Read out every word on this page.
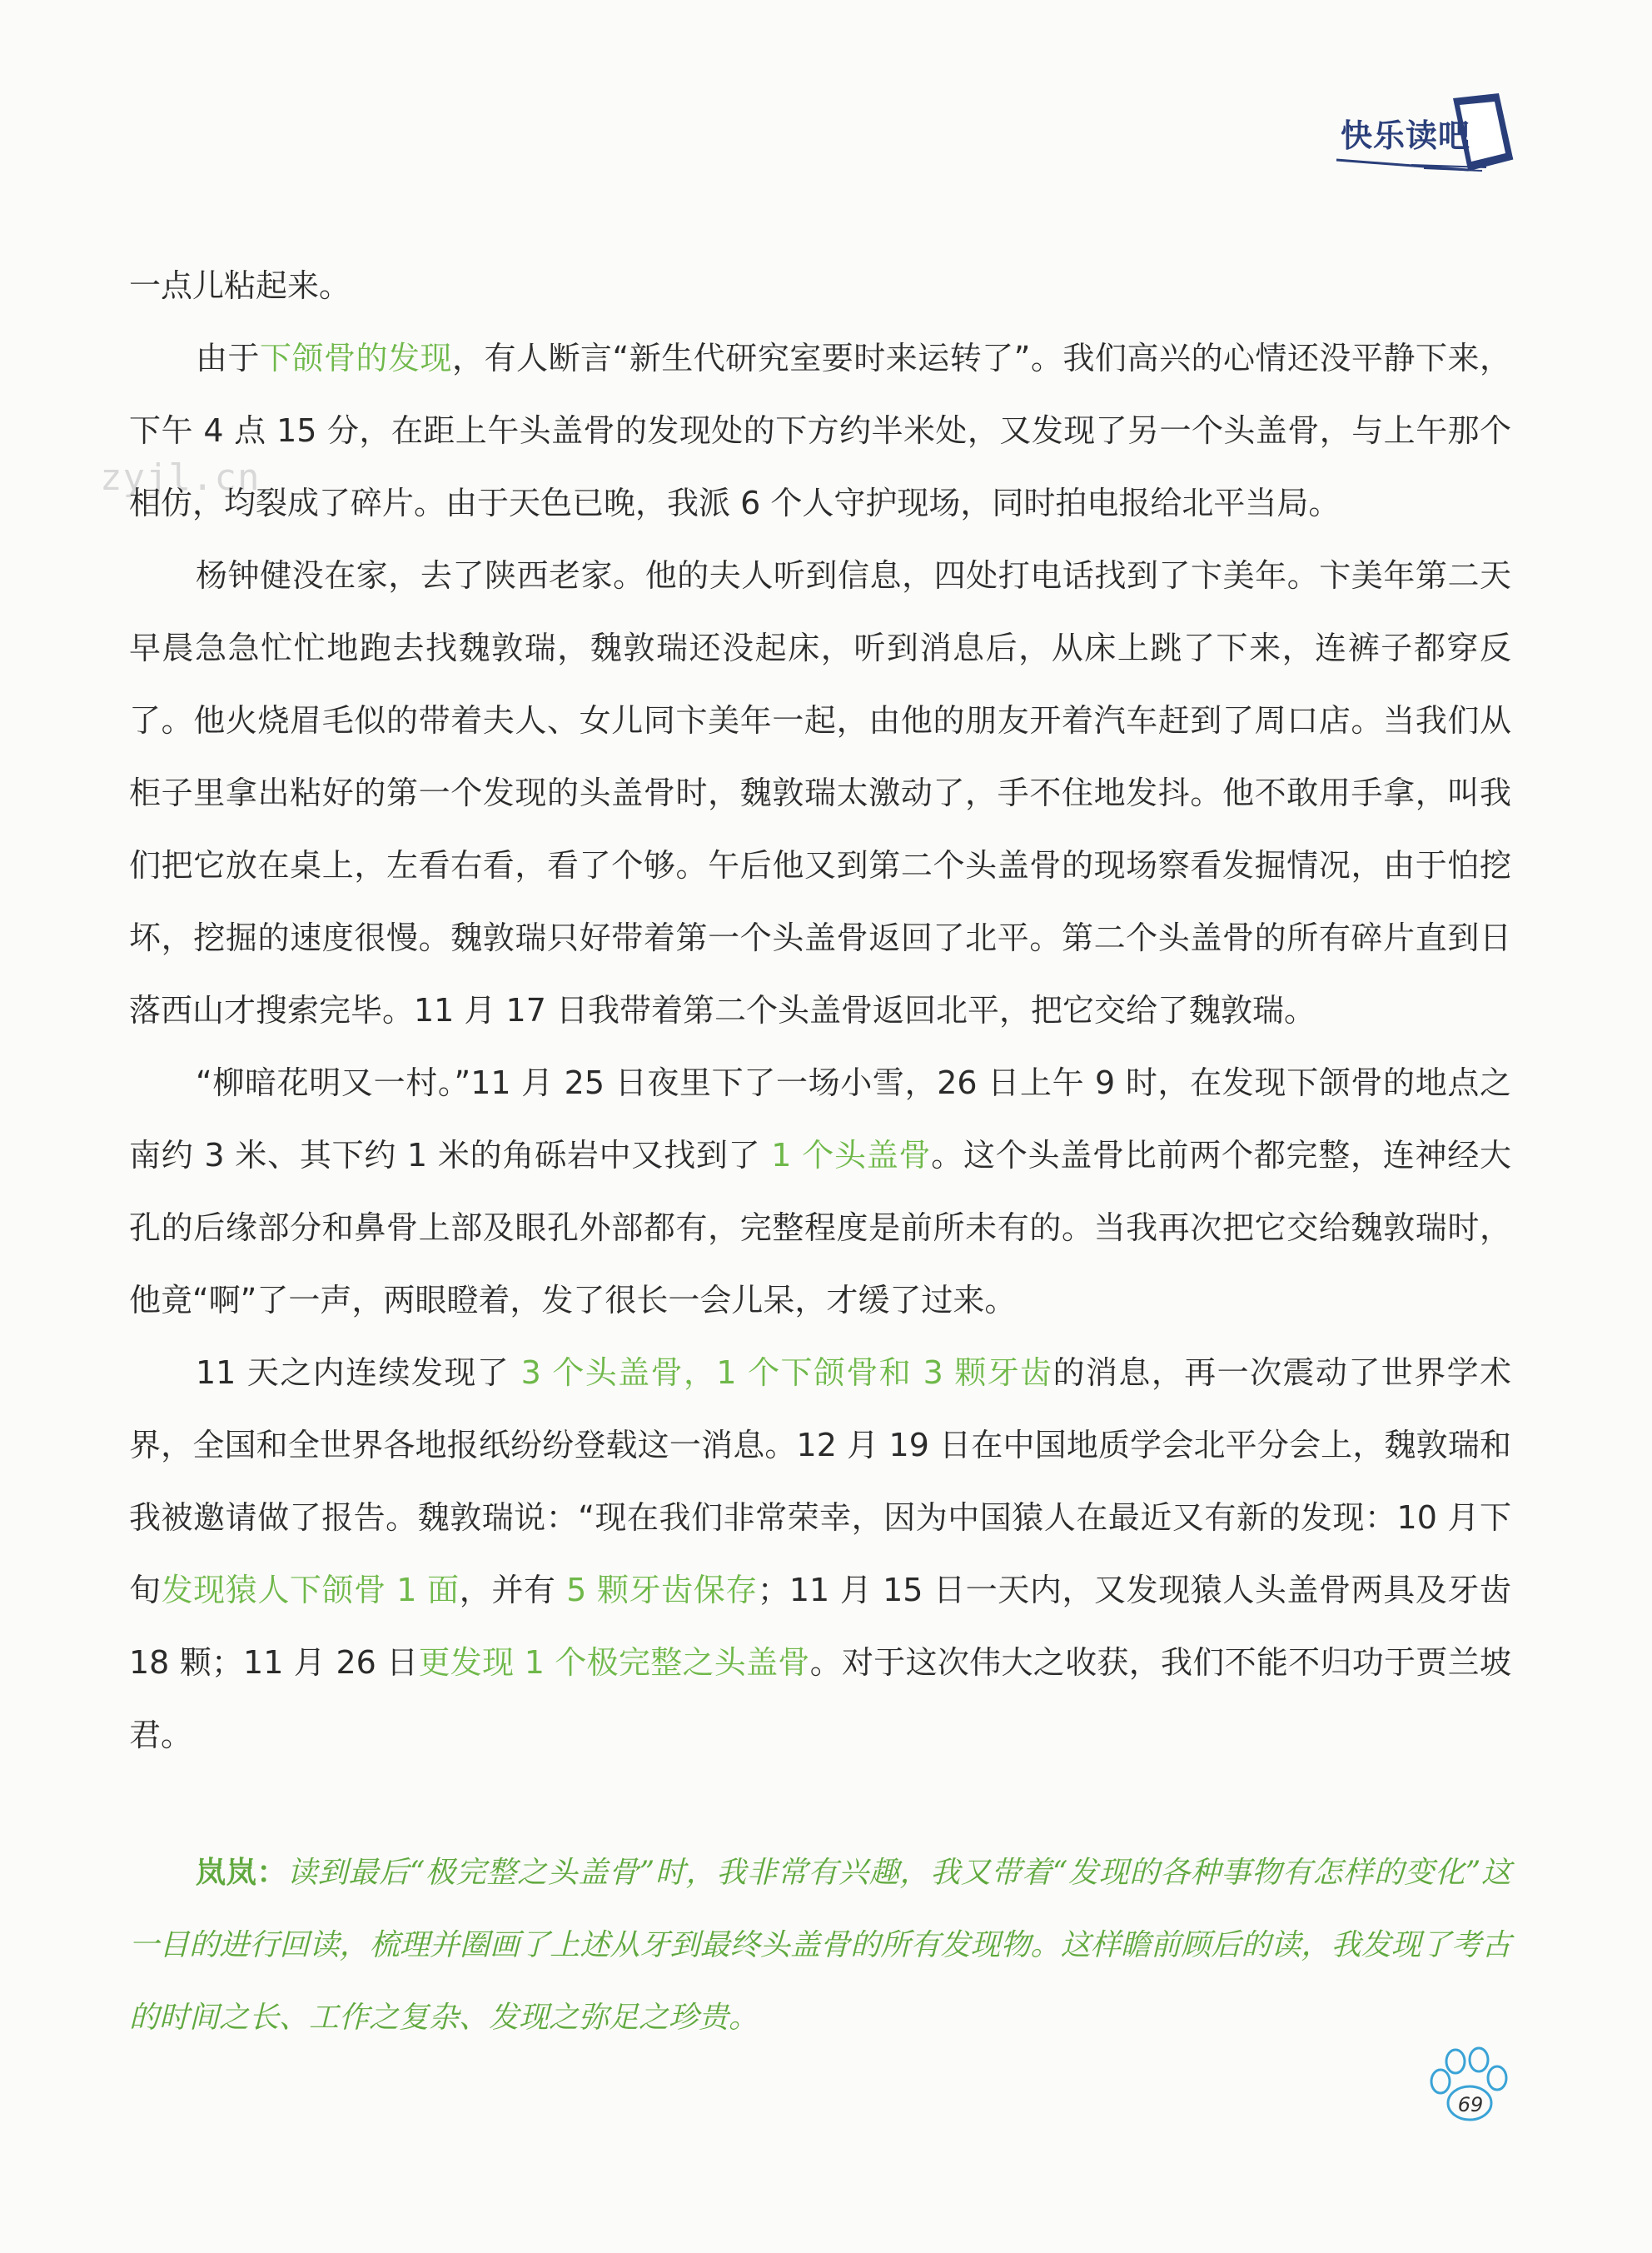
快乐读吧
zyjl.cn

一点儿粘起来。

由于下颌骨的发现，有人断言“新生代研究室要时来运转了”。我们高兴的心情还没平静下来，下午 4 点 15 分，在距上午头盖骨的发现处的下方约半米处，又发现了另一个头盖骨，与上午那个相仿，均裂成了碎片。由于天色已晚，我派 6 个人守护现场，同时拍电报给北平当局。

杨钟健没在家，去了陕西老家。他的夫人听到信息，四处打电话找到了卞美年。卞美年第二天早晨急急忙忙地跑去找魏敦瑞，魏敦瑞还没起床，听到消息后，从床上跳了下来，连裤子都穿反了。他火烧眉毛似的带着夫人、女儿同卞美年一起，由他的朋友开着汽车赶到了周口店。当我们从柜子里拿出粘好的第一个发现的头盖骨时，魏敦瑞太激动了，手不住地发抖。他不敢用手拿，叫我们把它放在桌上，左看右看，看了个够。午后他又到第二个头盖骨的现场察看发掘情况，由于怕挖坏，挖掘的速度很慢。魏敦瑞只好带着第一个头盖骨返回了北平。第二个头盖骨的所有碎片直到日落西山才搜索完毕。11 月 17 日我带着第二个头盖骨返回北平，把它交给了魏敦瑞。

“柳暗花明又一村。”11 月 25 日夜里下了一场小雪，26 日上午 9 时，在发现下颌骨的地点之南约 3 米、其下约 1 米的角砾岩中又找到了 1 个头盖骨。这个头盖骨比前两个都完整，连神经大孔的后缘部分和鼻骨上部及眼孔外部都有，完整程度是前所未有的。当我再次把它交给魏敦瑞时，他竟“啊”了一声，两眼瞪着，发了很长一会儿呆，才缓了过来。

11 天之内连续发现了 3 个头盖骨，1 个下颌骨和 3 颗牙齿的消息，再一次震动了世界学术界，全国和全世界各地报纸纷纷登载这一消息。12 月 19 日在中国地质学会北平分会上，魏敦瑞和我被邀请做了报告。魏敦瑞说：“现在我们非常荣幸，因为中国猿人在最近又有新的发现：10 月下旬发现猿人下颌骨 1 面，并有 5 颗牙齿保存；11 月 15 日一天内，又发现猿人头盖骨两具及牙齿 18 颗；11 月 26 日更发现 1 个极完整之头盖骨。对于这次伟大之收获，我们不能不归功于贾兰坡君。

岚岚：读到最后“极完整之头盖骨”时，我非常有兴趣，我又带着“发现的各种事物有怎样的变化”这一目的进行回读，梳理并圈画了上述从牙到最终头盖骨的所有发现物。这样瞻前顾后的读，我发现了考古的时间之长、工作之复杂、发现之弥足之珍贵。
69
